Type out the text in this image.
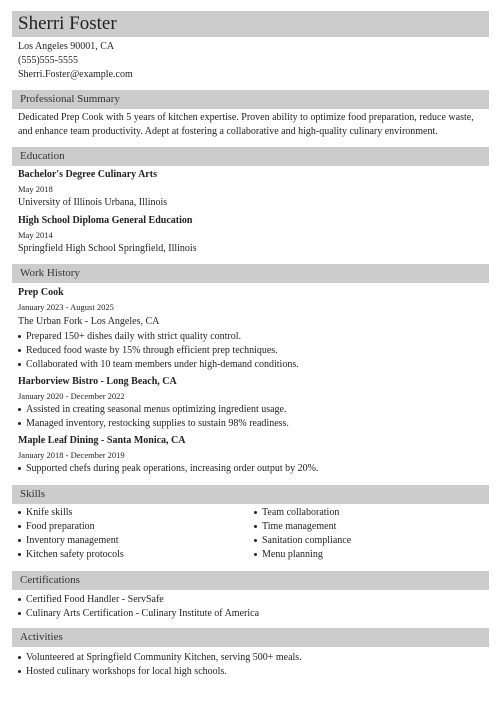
Sherri Foster
Los Angeles 90001, CA
(555)555-5555
Sherri.Foster@example.com
Professional Summary
Dedicated Prep Cook with 5 years of kitchen expertise. Proven ability to optimize food preparation, reduce waste, and enhance team productivity. Adept at fostering a collaborative and high-quality culinary environment.
Education
Bachelor's Degree Culinary Arts
May 2018
University of Illinois Urbana, Illinois
High School Diploma General Education
May 2014
Springfield High School Springfield, Illinois
Work History
Prep Cook
January 2023 - August 2025
The Urban Fork - Los Angeles, CA
Prepared 150+ dishes daily with strict quality control.
Reduced food waste by 15% through efficient prep techniques.
Collaborated with 10 team members under high-demand conditions.
Harborview Bistro - Long Beach, CA
January 2020 - December 2022
Assisted in creating seasonal menus optimizing ingredient usage.
Managed inventory, restocking supplies to sustain 98% readiness.
Maple Leaf Dining - Santa Monica, CA
January 2018 - December 2019
Supported chefs during peak operations, increasing order output by 20%.
Skills
Knife skills
Food preparation
Inventory management
Kitchen safety protocols
Team collaboration
Time management
Sanitation compliance
Menu planning
Certifications
Certified Food Handler - ServSafe
Culinary Arts Certification - Culinary Institute of America
Activities
Volunteered at Springfield Community Kitchen, serving 500+ meals.
Hosted culinary workshops for local high schools.
